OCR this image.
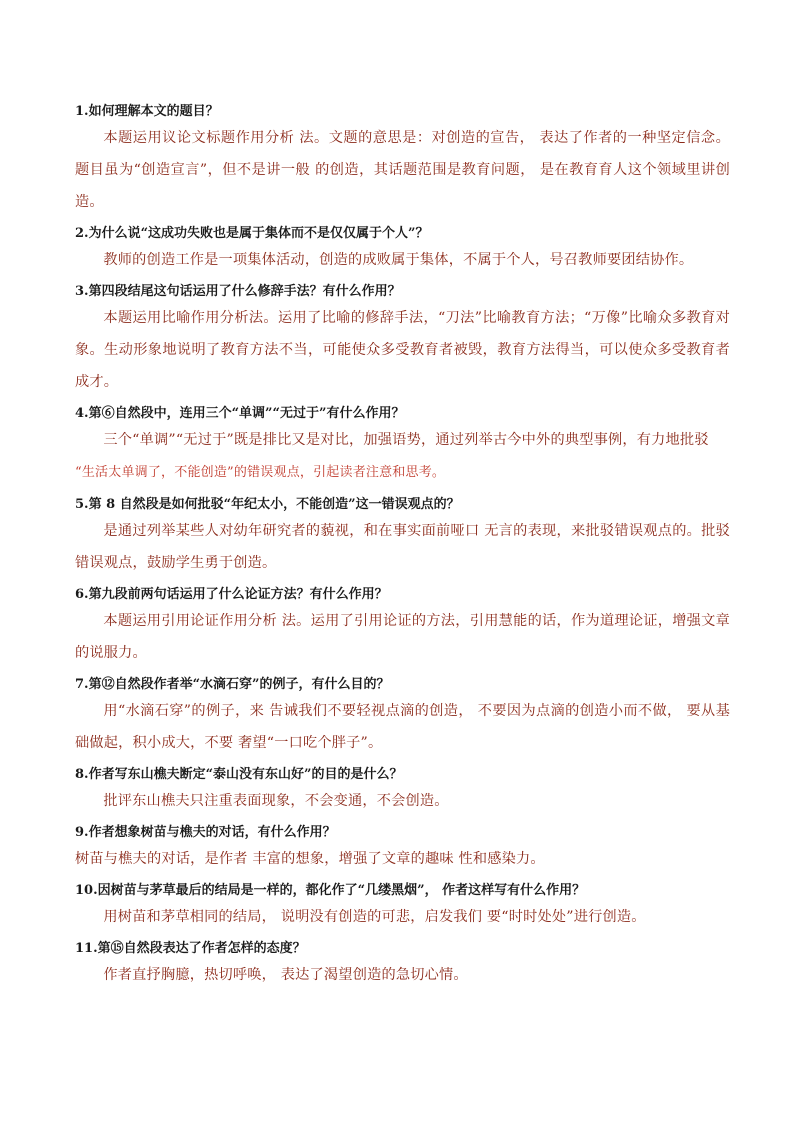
1.如何理解本文的题目？

本题运用议论文标题作用分析 法。文题的意思是：对创造的宣告， 表达了作者的一种坚定信念。题目虽为“创造宣言”，但不是讲一般 的创造，其话题范围是教育问题， 是在教育育人这个领域里讲创造。

2.为什么说“这成功失败也是属于集体而不是仅仅属于个人”？

教师的创造工作是一项集体活动，创造的成败属于集体，不属于个人，号召教师要团结协作。

3.第四段结尾这句话运用了什么修辞手法？有什么作用？

本题运用比喻作用分析法。运用了比喻的修辞手法，“刀法”比喻教育方法；“万像”比喻众多教育对象。生动形象地说明了教育方法不当，可能使众多受教育者被毁，教育方法得当，可以使众多受教育者成才。

4.第⑥自然段中，连用三个“单调”“无过于”有什么作用？

三个“单调”“无过于”既是排比又是对比，加强语势，通过列举古今中外的典型事例，有力地批驳
“生活太单调了，不能创造”的错误观点，引起读者注意和思考。

5.第 8 自然段是如何批驳“年纪太小，不能创造”这一错误观点的？

是通过列举某些人对幼年研究者的藐视，和在事实面前哑口 无言的表现，来批驳错误观点的。批驳错误观点，鼓励学生勇于创造。

6.第九段前两句话运用了什么论证方法？有什么作用？

本题运用引用论证作用分析 法。运用了引用论证的方法，引用慧能的话，作为道理论证，增强文章的说服力。

7.第⑫自然段作者举“水滴石穿”的例子，有什么目的？

用“水滴石穿”的例子，来 告诫我们不要轻视点滴的创造， 不要因为点滴的创造小而不做， 要从基础做起，积小成大，不要 奢望“一口吃个胖子”。

8.作者写东山樵夫断定“泰山没有东山好”的目的是什么？

批评东山樵夫只注重表面现象，不会变通，不会创造。

9.作者想象树苗与樵夫的对话，有什么作用？

树苗与樵夫的对话，是作者 丰富的想象，增强了文章的趣味 性和感染力。

10.因树苗与茅草最后的结局是一样的，都化作了“几缕黑烟”， 作者这样写有什么作用？

用树苗和茅草相同的结局， 说明没有创造的可悲，启发我们 要“时时处处”进行创造。

11.第⑮自然段表达了作者怎样的态度？

作者直抒胸臆，热切呼唤， 表达了渴望创造的急切心情。
